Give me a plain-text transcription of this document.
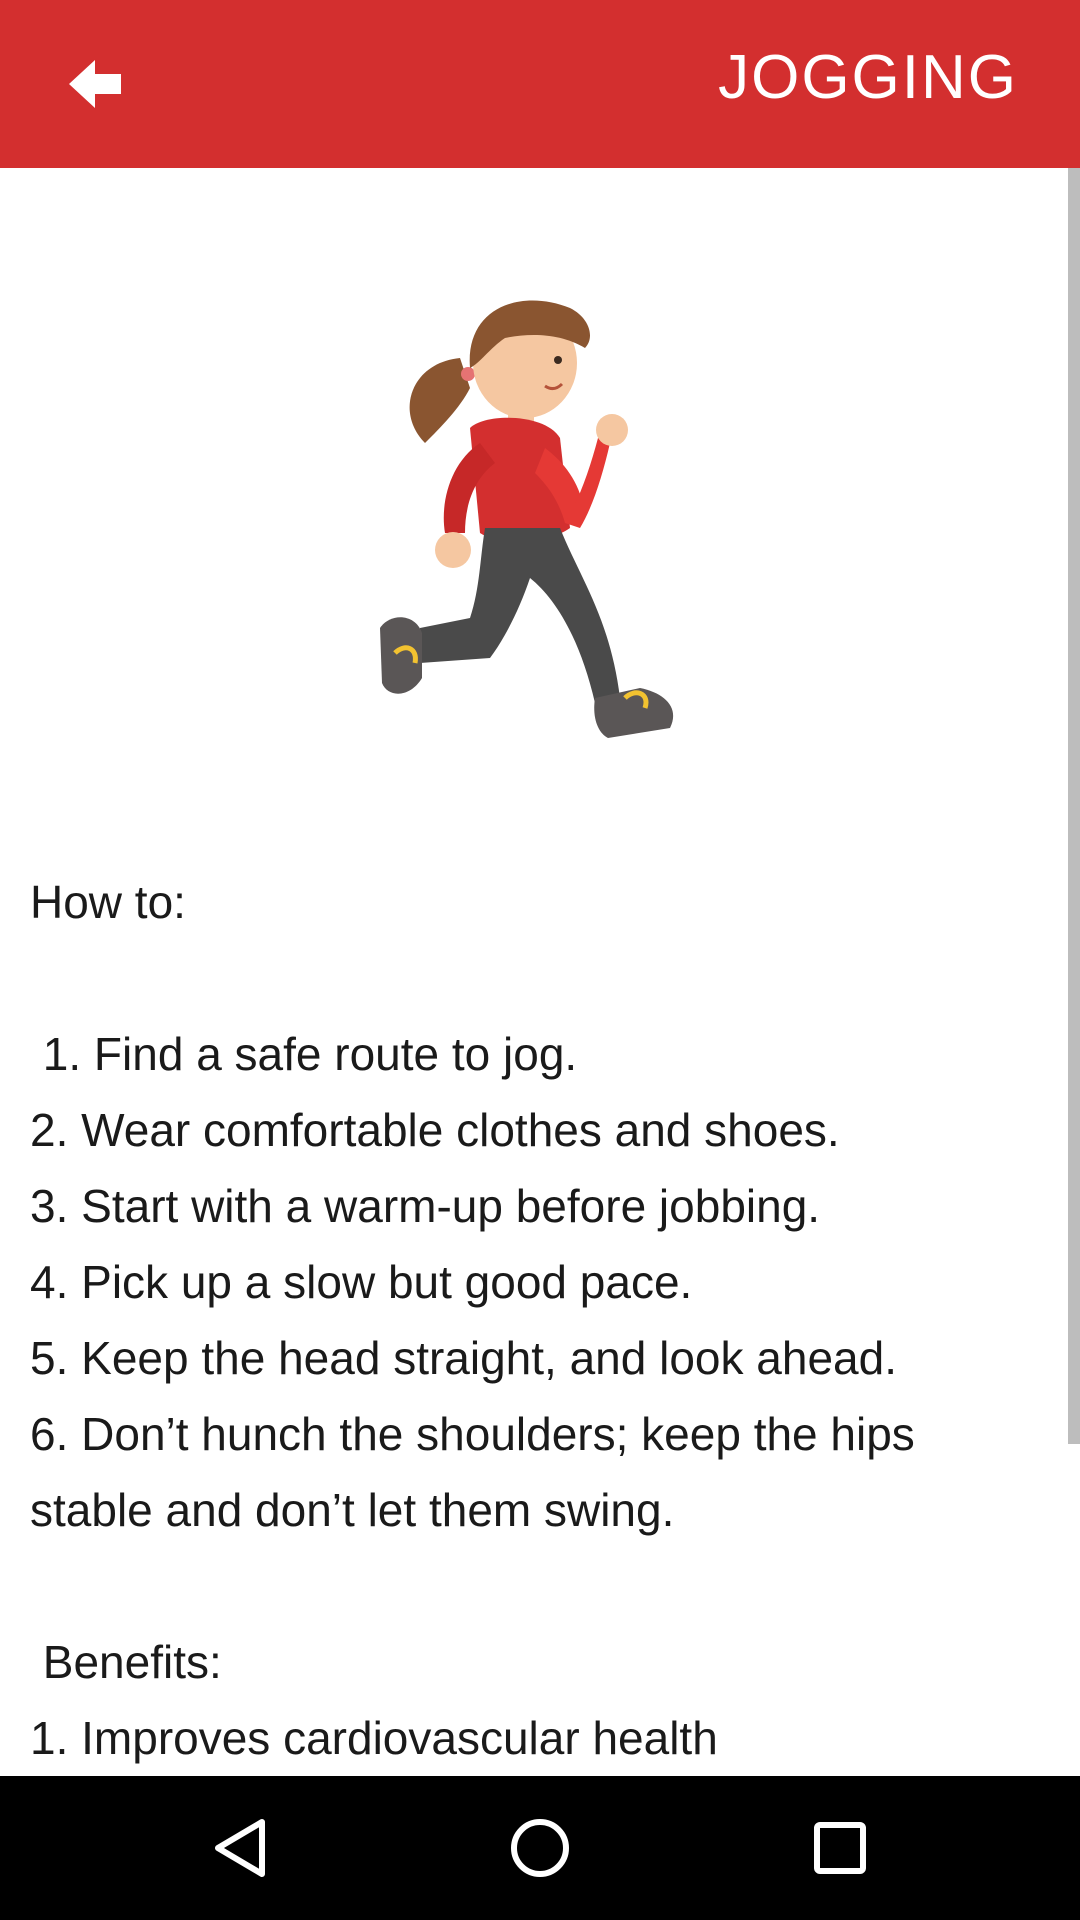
JOGGING
How to:
1. Find a safe route to jog.
2. Wear comfortable clothes and shoes.
3. Start with a warm-up before jobbing.
4. Pick up a slow but good pace.
5. Keep the head straight, and look ahead.
6. Don’t hunch the shoulders; keep the hips stable and don’t let them swing.
Benefits:
1. Improves cardiovascular health
